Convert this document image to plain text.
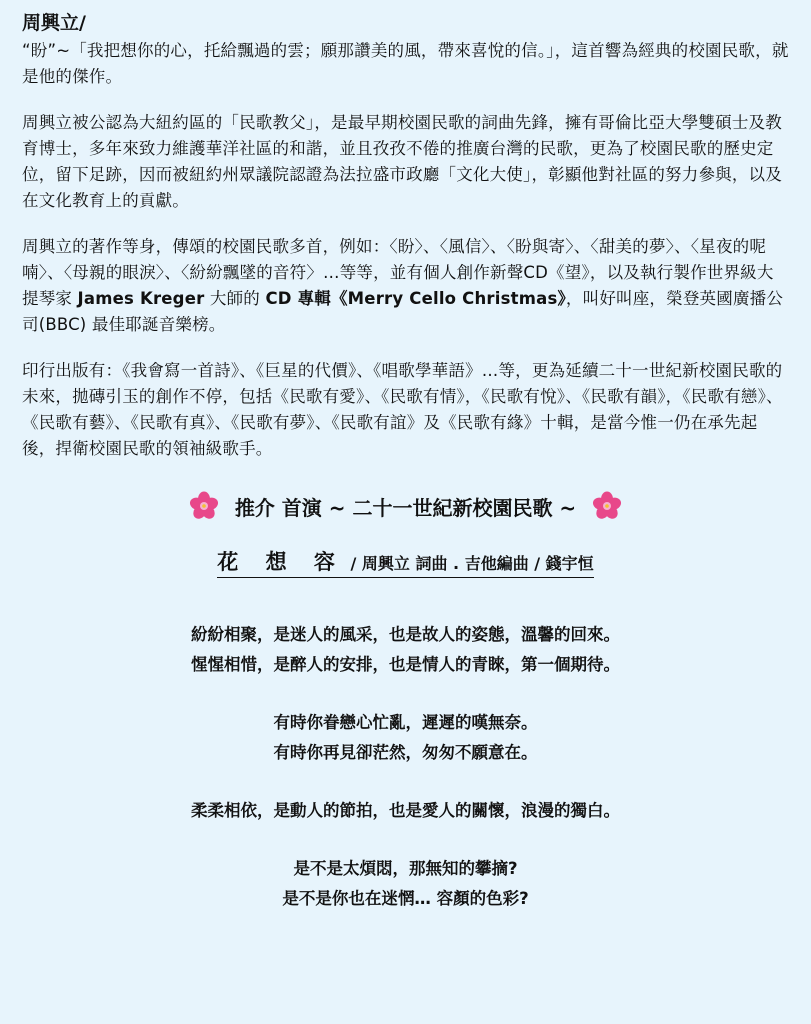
周興立/

“盼”~「我把想你的心，托給飄過的雲；願那讚美的風，帶來喜悅的信。」，這首響為經典的校園民歌，就是他的傑作。

周興立被公認為大紐約區的「民歌教父」，是最早期校園民歌的詞曲先鋒，擁有哥倫比亞大學雙碩士及教育博士，多年來致力維護華洋社區的和諧，並且孜孜不倦的推廣台灣的民歌，更為了校園民歌的歷史定位，留下足跡，因而被紐約州眾議院認證為法拉盛市政廳「文化大使」，彰顯他對社區的努力參與，以及在文化教育上的貢獻。

周興立的著作等身，傳頌的校園民歌多首，例如：〈盼〉、〈風信〉、〈盼與寄〉、〈甜美的夢〉、〈星夜的呢喃〉、〈母親的眼淚〉、〈紛紛飄墜的音符〉…等等，並有個人創作新聲CD《望》，以及執行製作世界級大提琴家 James Kreger 大師的 CD 專輯《Merry Cello Christmas》，叫好叫座，榮登英國廣播公司(BBC) 最佳耶誕音樂榜。

印行出版有：《我會寫一首詩》、《巨星的代價》、《唱歌學華語》…等，更為延續二十一世紀新校園民歌的未來，拋磚引玉的創作不停，包括《民歌有愛》、《民歌有情》，《民歌有悅》、《民歌有韻》，《民歌有戀》、《民歌有藝》、《民歌有真》、《民歌有夢》、《民歌有誼》及《民歌有緣》十輯，是當今惟一仍在承先起後，捍衛校園民歌的領袖級歌手。

推介 首演 ~ 二十一世紀新校園民歌 ~
花 想 容 / 周興立 詞曲 . 吉他編曲 / 錢宇恒
紛紛相聚，是迷人的風采，也是故人的姿態，溫馨的回來。
惺惺相惜，是醉人的安排，也是情人的青睞，第一個期待。
有時你眷戀心忙亂，遲遲的嘆無奈。
有時你再見卻茫然，匆匆不願意在。
柔柔相依，是動人的節拍，也是愛人的關懷，浪漫的獨白。
是不是太煩悶，那無知的攀摘?
是不是你也在迷惘… 容顏的色彩?
